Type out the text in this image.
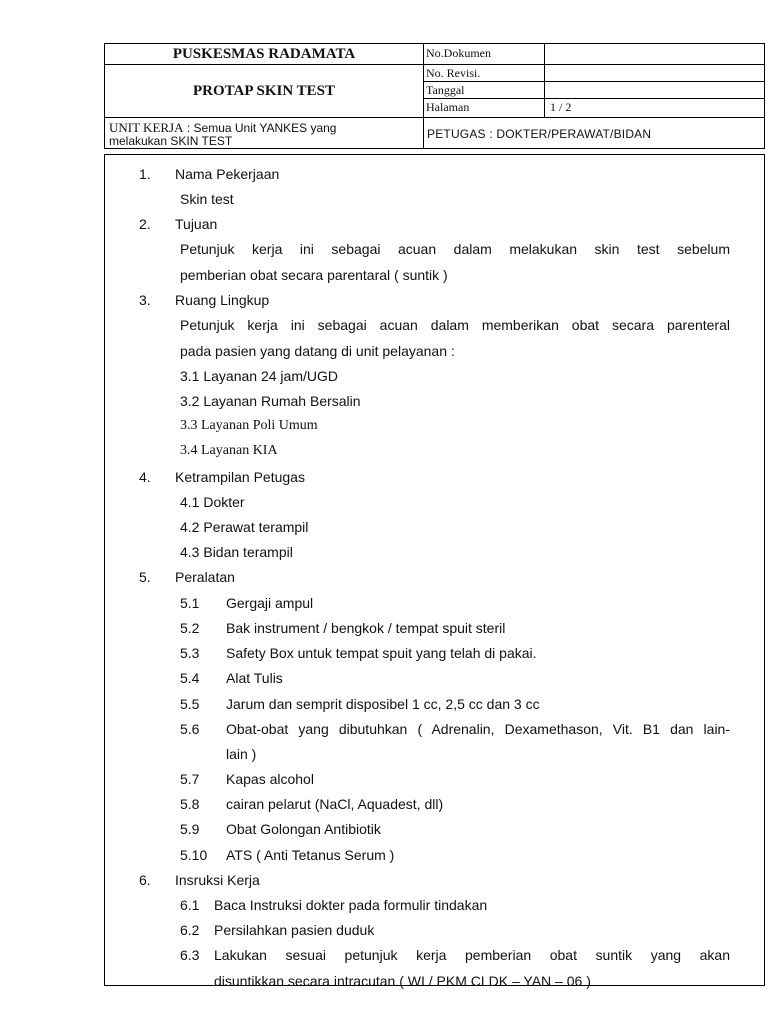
PUSKESMAS RADAMATA
PROTAP SKIN TEST
No.Dokumen
No. Revisi.
Tanggal
Halaman	1 / 2
UNIT KERJA : Semua Unit YANKES yang
melakukan SKIN TEST	PETUGAS : DOKTER/PERAWAT/BIDAN
1. Nama Pekerjaan
Skin test
2. Tujuan
Petunjuk kerja ini sebagai acuan dalam melakukan skin test sebelum
pemberian obat secara parentaral ( suntik )
3. Ruang Lingkup
Petunjuk kerja ini sebagai acuan dalam memberikan obat secara parenteral
pada pasien yang datang di unit pelayanan :
3.1 Layanan 24 jam/UGD
3.2 Layanan Rumah Bersalin
3.3 Layanan Poli Umum
3.4 Layanan KIA
4. Ketrampilan Petugas
4.1 Dokter
4.2 Perawat terampil
4.3 Bidan terampil
5. Peralatan
5.1 Gergaji ampul
5.2 Bak instrument / bengkok / tempat spuit steril
5.3 Safety Box untuk tempat spuit yang telah di pakai.
5.4 Alat Tulis
5.5 Jarum dan semprit disposibel 1 cc, 2,5 cc dan 3 cc
5.6 Obat-obat yang dibutuhkan ( Adrenalin, Dexamethason, Vit. B1 dan lain-
lain )
5.7 Kapas alcohol
5.8 cairan pelarut (NaCl, Aquadest, dll)
5.9 Obat Golongan Antibiotik
5.10 ATS ( Anti Tetanus Serum )
6. Insruksi Kerja
6.1 Baca Instruksi dokter pada formulir tindakan
6.2 Persilahkan pasien duduk
6.3 Lakukan sesuai petunjuk kerja pemberian obat suntik yang akan
disuntikkan secara intracutan ( WI / PKM CLDK – YAN – 06 )
